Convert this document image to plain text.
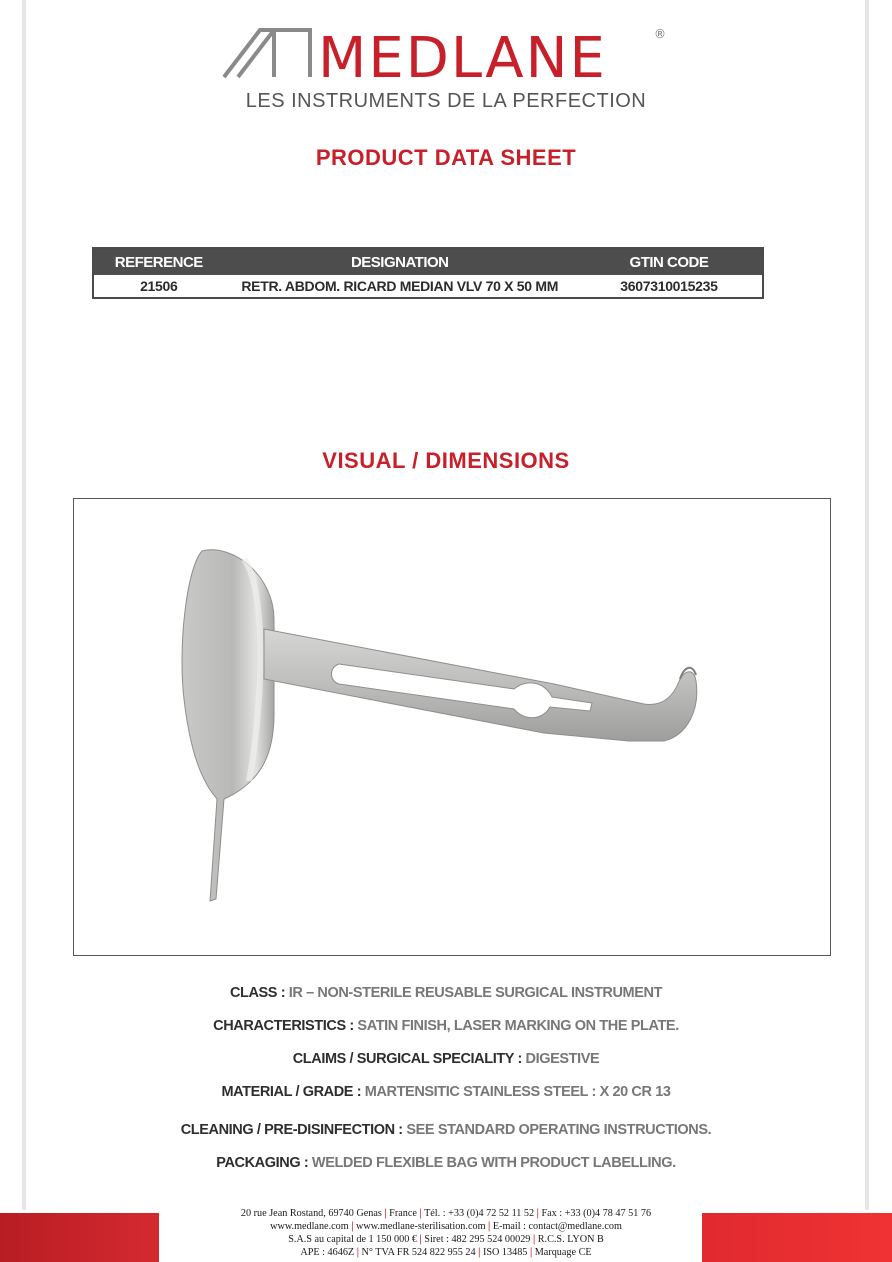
MEDLANE	®
LES INSTRUMENTS DE LA PERFECTION
PRODUCT DATA SHEET
REFERENCE	DESIGNATION	GTIN CODE
21506	RETR. ABDOM. RICARD MEDIAN VLV 70 X 50 MM	3607310015235
VISUAL / DIMENSIONS
CLASS : IR – NON-STERILE REUSABLE SURGICAL INSTRUMENT
CHARACTERISTICS : SATIN FINISH, LASER MARKING ON THE PLATE.
CLAIMS / SURGICAL SPECIALITY : DIGESTIVE
MATERIAL / GRADE : MARTENSITIC STAINLESS STEEL : X 20 CR 13
CLEANING / PRE-DISINFECTION : SEE STANDARD OPERATING INSTRUCTIONS.
PACKAGING : WELDED FLEXIBLE BAG WITH PRODUCT LABELLING.
20 rue Jean Rostand, 69740 Genas | France | Tél. : +33 (0)4 72 52 11 52 | Fax : +33 (0)4 78 47 51 76
www.medlane.com | www.medlane-sterilisation.com | E-mail : contact@medlane.com
S.A.S au capital de 1 150 000 € | Siret : 482 295 524 00029 | R.C.S. LYON B
APE : 4646Z | N° TVA FR 524 822 955 24 | ISO 13485 | Marquage CE
